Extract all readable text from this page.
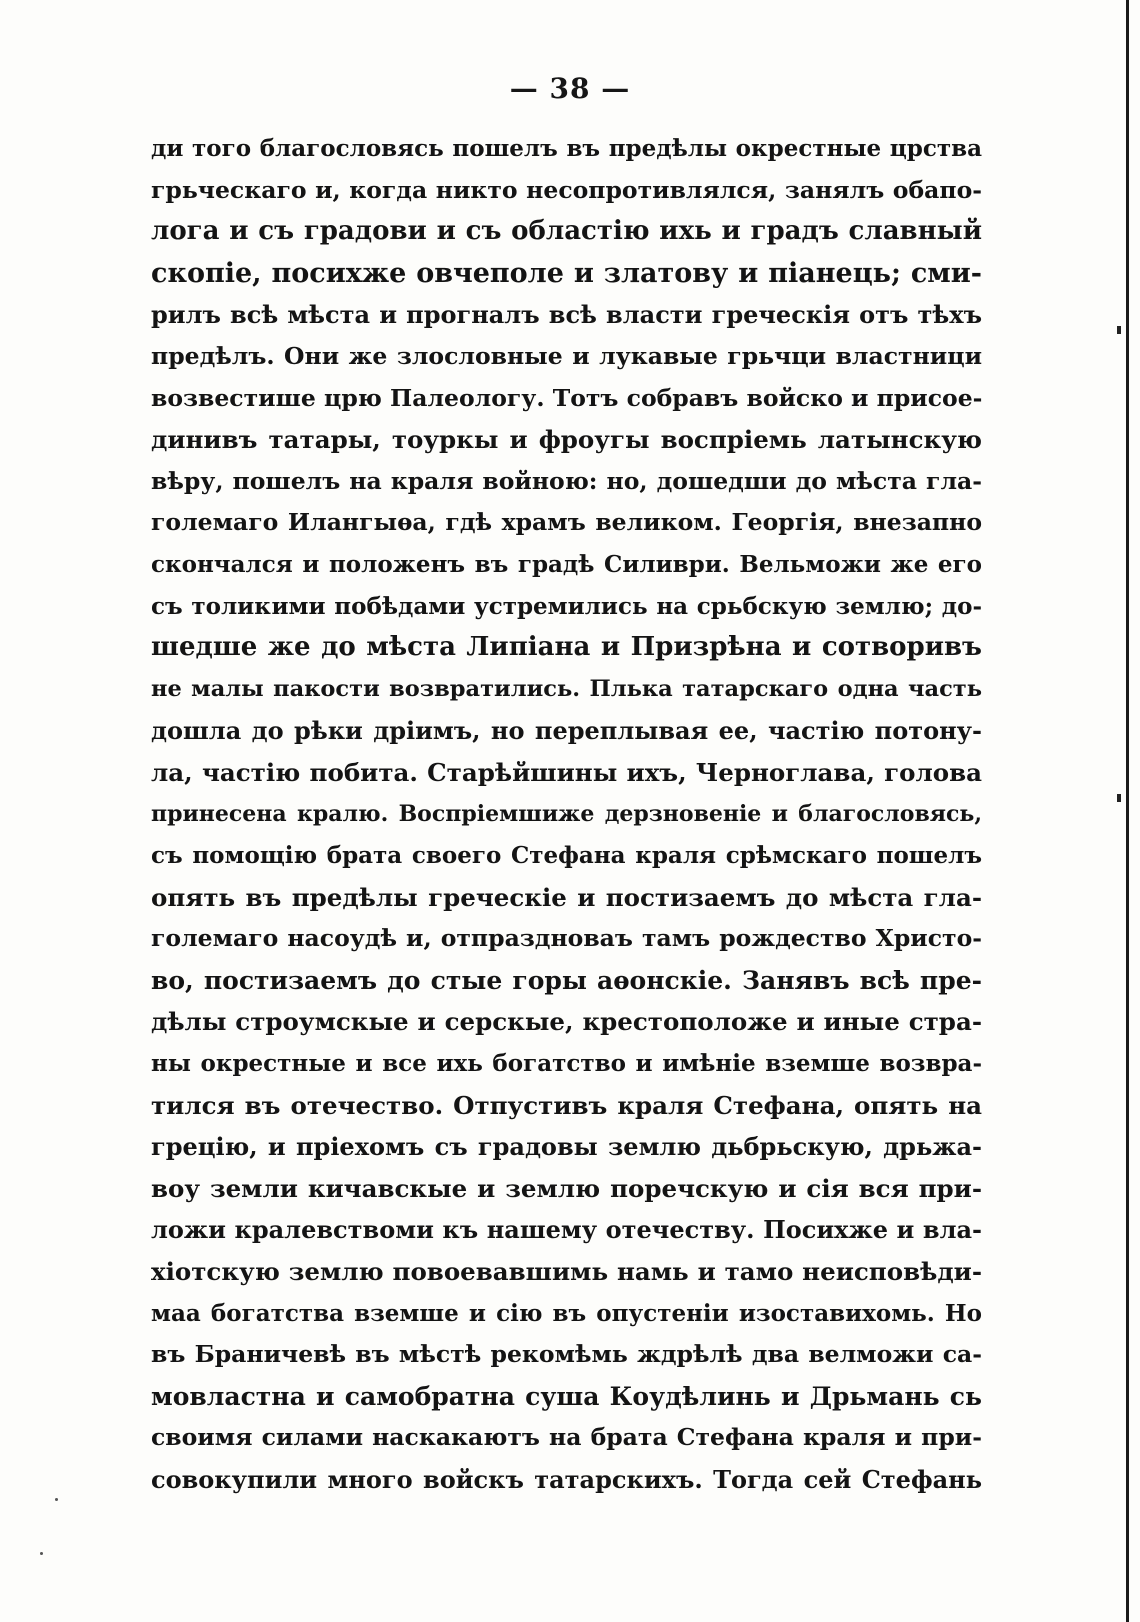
— 38 —
ди того благословясь пошелъ въ предѣлы окрестные црства
грьческаго и, когда никто несопротивлялся, занялъ обапо-
лога и съ градови и съ областію ихь и градъ славный
скопіе, посихже овчеполе и златову и піанець; сми-
рилъ всѣ мѣста и прогналъ всѣ власти греческія отъ тѣхъ
предѣлъ. Они же злословные и лукавые грьчци властници
возвестише црю Палеологу. Тотъ собравъ войско и присое-
динивъ татары, тоуркы и фроугы воспріемь латынскую
вѣру, пошелъ на краля войною: но, дошедши до мѣста гла-
големаго Илангыѳа, гдѣ храмъ великом. Георгія, внезапно
скончался и положенъ въ градѣ Силиври. Вельможи же его
съ толиκими побѣдами устремились на срьбскую землю; до-
шедше же до мѣста Липіана и Призрѣна и сотворивъ
не малы пакости возвратились. Плька татарскаго одна часть
дошла до рѣки дріимъ, но переплывая ее, частію потону-
ла, частію побита. Старѣйшины ихъ, Черноглава, голова
принесена кралю. Воспріемшиже дерзновеніе и благословясь,
съ помощію брата своего Стефана краля срѣмскаго пошелъ
опять въ предѣлы греческіе и постизаемъ до мѣста гла-
големаго насоудѣ и, отпраздноваъ тамъ рождество Христо-
во, постизаемъ до стые горы аѳонскіе. Занявъ всѣ пре-
дѣлы строумскые и серскые, крестоположе и иные стра-
ны окрестные и все ихь богатство и имѣніе вземше возвра-
тился въ отечество. Отпустивъ краля Стефана, опять на
грецію, и пріехомъ съ градовы землю дьбрьскую, дрьжа-
воу земли кичавскые и землю поречскую и сія вся при-
ложи кралевствоми къ нашему отечеству. Посихже и вла-
хіотскую землю повоевавшимь намь и тамо неисповѣди-
маа богатства вземше и сію въ опустеніи изоставихомь. Но
въ Браничевѣ въ мѣстѣ рекомѣмь ждрѣлѣ два велможи са-
мовластна и самобратна суша Коудѣлинь и Дрьмань сь
своимя силами наскакаютъ на брата Стефана краля и при-
совокупили много войскъ татарскихъ. Тогда сей Стефань
